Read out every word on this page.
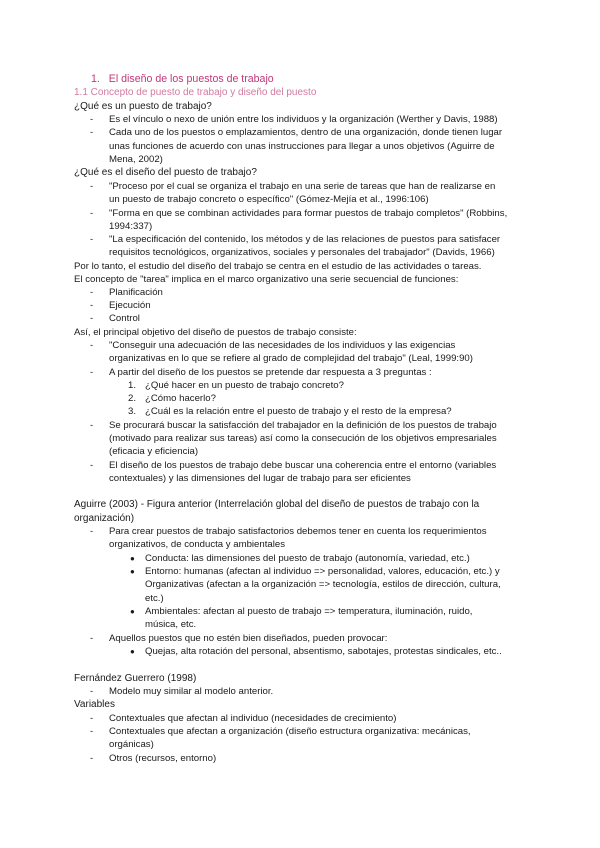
1. El diseño de los puestos de trabajo
1.1 Concepto de puesto de trabajo y diseño del puesto
¿Qué es un puesto de trabajo?
- Es el vínculo o nexo de unión entre los individuos y la organización (Werther y Davis, 1988)
- Cada uno de los puestos o emplazamientos, dentro de una organización, donde tienen lugar
unas funciones de acuerdo con unas instrucciones para llegar a unos objetivos (Aguirre de
Mena, 2002)
¿Qué es el diseño del puesto de trabajo?
- "Proceso por el cual se organiza el trabajo en una serie de tareas que han de realizarse en
un puesto de trabajo concreto o específico" (Gómez-Mejía et al., 1996:106)
- "Forma en que se combinan actividades para formar puestos de trabajo completos" (Robbins,
1994:337)
- "La especificación del contenido, los métodos y de las relaciones de puestos para satisfacer
requisitos tecnológicos, organizativos, sociales y personales del trabajador" (Davids, 1966)
Por lo tanto, el estudio del diseño del trabajo se centra en el estudio de las actividades o tareas.
El concepto de "tarea" implica en el marco organizativo una serie secuencial de funciones:
- Planificación
- Ejecución
- Control
Así, el principal objetivo del diseño de puestos de trabajo consiste:
- "Conseguir una adecuación de las necesidades de los individuos y las exigencias
organizativas en lo que se refiere al grado de complejidad del trabajo" (Leal, 1999:90)
- A partir del diseño de los puestos se pretende dar respuesta a 3 preguntas :
1. ¿Qué hacer en un puesto de trabajo concreto?
2. ¿Cómo hacerlo?
3. ¿Cuál es la relación entre el puesto de trabajo y el resto de la empresa?
- Se procurará buscar la satisfacción del trabajador en la definición de los puestos de trabajo
(motivado para realizar sus tareas) así como la consecución de los objetivos empresariales
(eficacia y eficiencia)
- El diseño de los puestos de trabajo debe buscar una coherencia entre el entorno (variables
contextuales) y las dimensiones del lugar de trabajo para ser eficientes
Aguirre (2003) - Figura anterior (Interrelación global del diseño de puestos de trabajo con la
organización)
- Para crear puestos de trabajo satisfactorios debemos tener en cuenta los requerimientos
organizativos, de conducta y ambientales
● Conducta: las dimensiones del puesto de trabajo (autonomía, variedad, etc.)
● Entorno: humanas (afectan al individuo => personalidad, valores, educación, etc.) y
Organizativas (afectan a la organización => tecnología, estilos de dirección, cultura,
etc.)
● Ambientales: afectan al puesto de trabajo => temperatura, iluminación, ruido,
música, etc.
- Aquellos puestos que no estén bien diseñados, pueden provocar:
● Quejas, alta rotación del personal, absentismo, sabotajes, protestas sindicales, etc..
Fernández Guerrero (1998)
- Modelo muy similar al modelo anterior.
Variables
- Contextuales que afectan al individuo (necesidades de crecimiento)
- Contextuales que afectan a organización (diseño estructura organizativa: mecánicas,
orgánicas)
- Otros (recursos, entorno)
